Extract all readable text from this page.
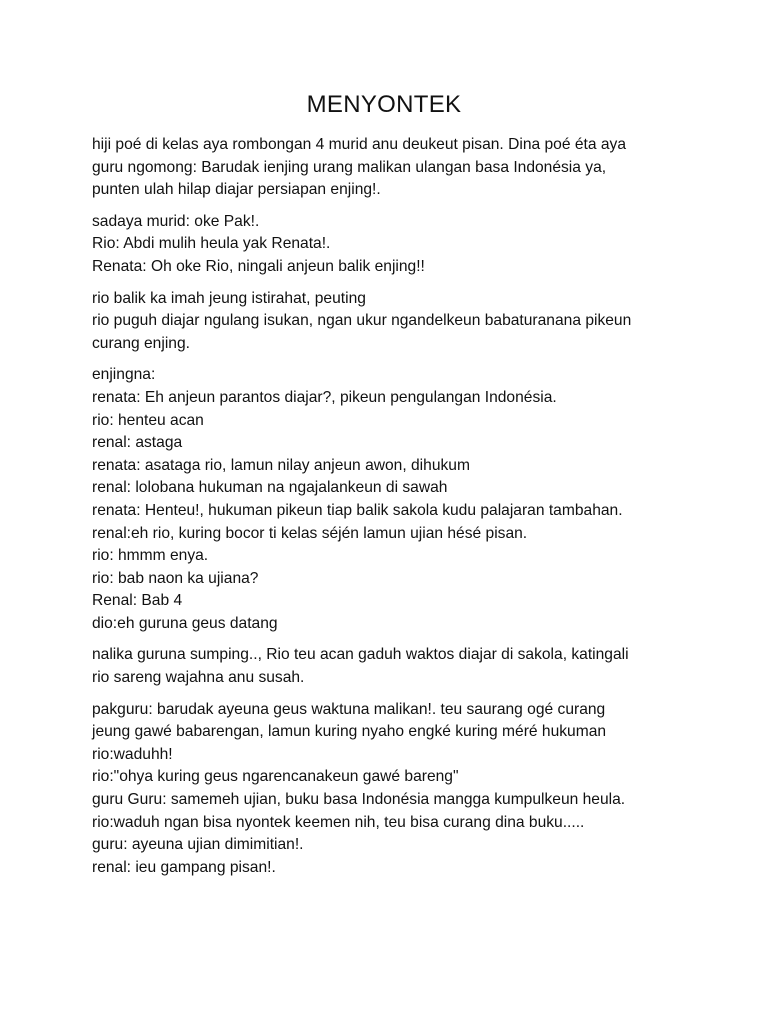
MENYONTEK

hiji poé di kelas aya rombongan 4 murid anu deukeut pisan. Dina poé éta aya
guru ngomong: Barudak ienjing urang malikan ulangan basa Indonésia ya,
punten ulah hilap diajar persiapan enjing!.

sadaya murid: oke Pak!.
Rio: Abdi mulih heula yak Renata!.
Renata: Oh oke Rio, ningali anjeun balik enjing!!

rio balik ka imah jeung istirahat, peuting
rio puguh diajar ngulang isukan, ngan ukur ngandelkeun babaturanana pikeun
curang enjing.

enjingna:
renata: Eh anjeun parantos diajar?, pikeun pengulangan Indonésia.
rio: henteu acan
renal: astaga
renata: asataga rio, lamun nilay anjeun awon, dihukum
renal: lolobana hukuman na ngajalankeun di sawah
renata: Henteu!, hukuman pikeun tiap balik sakola kudu palajaran tambahan.
renal:eh rio, kuring bocor ti kelas séjén lamun ujian hésé pisan.
rio: hmmm enya.
rio: bab naon ka ujiana?
Renal: Bab 4
dio:eh guruna geus datang

nalika guruna sumping.., Rio teu acan gaduh waktos diajar di sakola, katingali
rio sareng wajahna anu susah.

pakguru: barudak ayeuna geus waktuna malikan!. teu saurang ogé curang
jeung gawé babarengan, lamun kuring nyaho engké kuring méré hukuman
rio:waduhh!
rio:"ohya kuring geus ngarencanakeun gawé bareng"
guru Guru: samemeh ujian, buku basa Indonésia mangga kumpulkeun heula.
rio:waduh ngan bisa nyontek keemen nih, teu bisa curang dina buku.....
guru: ayeuna ujian dimimitian!.
renal: ieu gampang pisan!.
